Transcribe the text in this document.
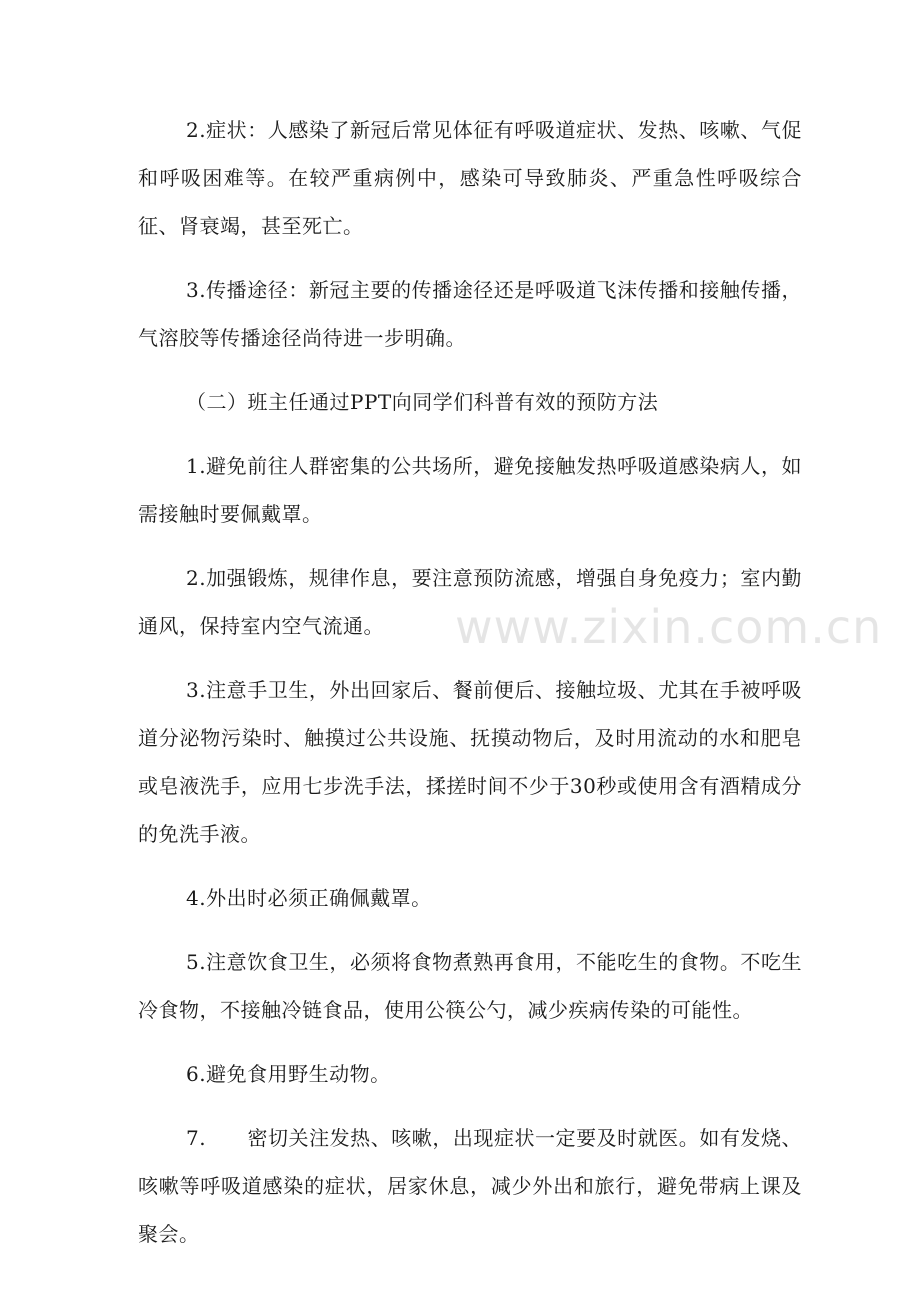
2.症状：人感染了新冠后常见体征有呼吸道症状、发热、咳嗽、气促和呼吸困难等。在较严重病例中，感染可导致肺炎、严重急性呼吸综合征、肾衰竭，甚至死亡。

3.传播途径：新冠主要的传播途径还是呼吸道飞沫传播和接触传播，气溶胶等传播途径尚待进一步明确。

（二）班主任通过PPT向同学们科普有效的预防方法

1.避免前往人群密集的公共场所，避免接触发热呼吸道感染病人，如需接触时要佩戴罩。

2.加强锻炼，规律作息，要注意预防流感，增强自身免疫力；室内勤通风，保持室内空气流通。

3.注意手卫生，外出回家后、餐前便后、接触垃圾、尤其在手被呼吸道分泌物污染时、触摸过公共设施、抚摸动物后，及时用流动的水和肥皂或皂液洗手，应用七步洗手法，揉搓时间不少于30秒或使用含有酒精成分的免洗手液。

4.外出时必须正确佩戴罩。

5.注意饮食卫生，必须将食物煮熟再食用，不能吃生的食物。不吃生冷食物，不接触冷链食品，使用公筷公勺，减少疾病传染的可能性。

6.避免食用野生动物。

7.      密切关注发热、咳嗽，出现症状一定要及时就医。如有发烧、咳嗽等呼吸道感染的症状，居家休息，减少外出和旅行，避免带病上课及聚会。

www.zixin.com.cn
